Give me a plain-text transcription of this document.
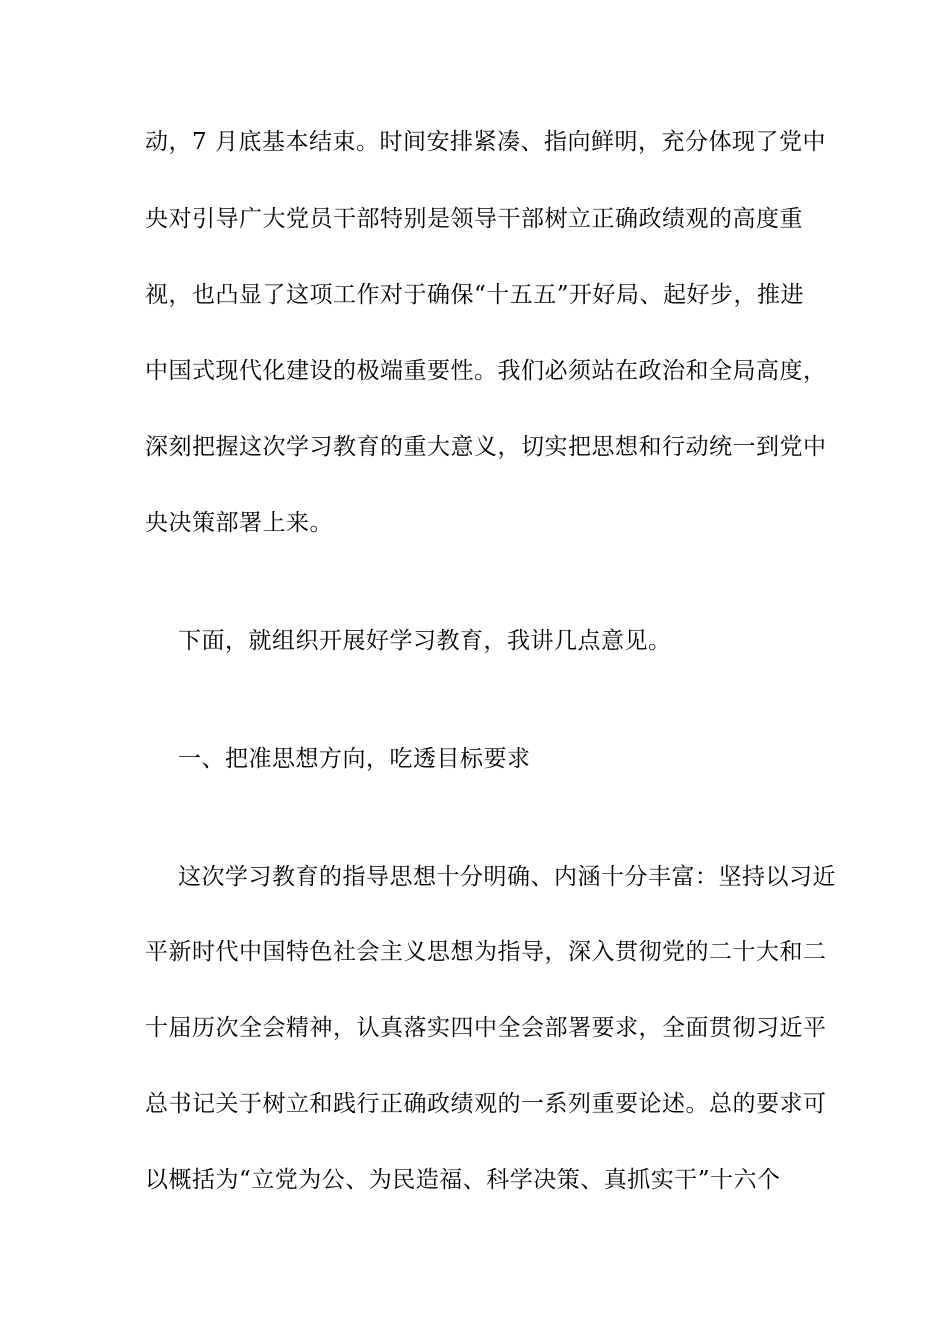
动，7 月底基本结束。时间安排紧凑、指向鲜明，充分体现了党中
央对引导广大党员干部特别是领导干部树立正确政绩观的高度重
视，也凸显了这项工作对于确保“十五五”开好局、起好步，推进
中国式现代化建设的极端重要性。我们必须站在政治和全局高度，
深刻把握这次学习教育的重大意义，切实把思想和行动统一到党中
央决策部署上来。
下面，就组织开展好学习教育，我讲几点意见。
一、把准思想方向，吃透目标要求
这次学习教育的指导思想十分明确、内涵十分丰富：坚持以习近
平新时代中国特色社会主义思想为指导，深入贯彻党的二十大和二
十届历次全会精神，认真落实四中全会部署要求，全面贯彻习近平
总书记关于树立和践行正确政绩观的一系列重要论述。总的要求可
以概括为“立党为公、为民造福、科学决策、真抓实干”十六个
